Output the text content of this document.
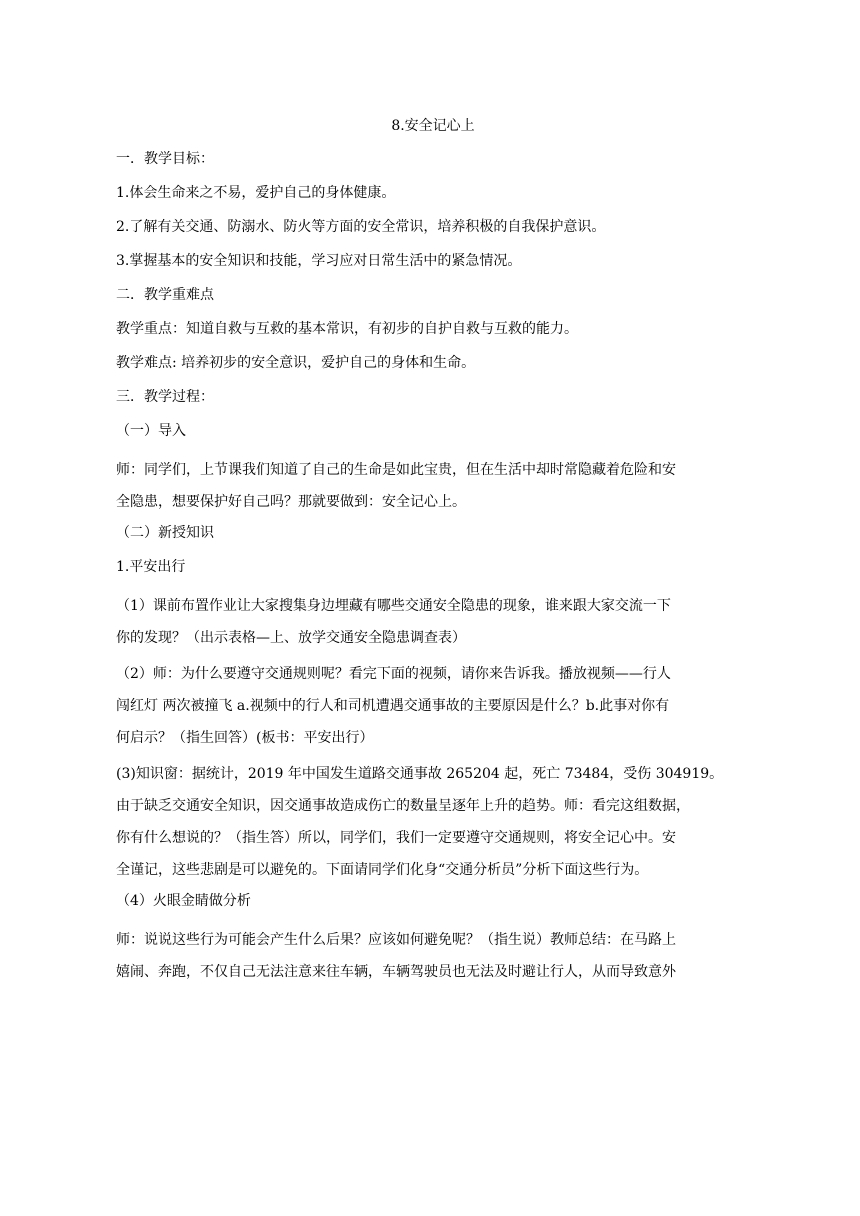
8.安全记心上
一．教学目标：
1.体会生命来之不易，爱护自己的身体健康。
2.了解有关交通、防溺水、防火等方面的安全常识，培养积极的自我保护意识。
3.掌握基本的安全知识和技能，学习应对日常生活中的紧急情况。
二．教学重难点
教学重点：知道自救与互救的基本常识，有初步的自护自救与互救的能力。
教学难点: 培养初步的安全意识，爱护自己的身体和生命。
三．教学过程：
（一）导入
师：同学们，上节课我们知道了自己的生命是如此宝贵，但在生活中却时常隐藏着危险和安
全隐患，想要保护好自己吗？那就要做到：安全记心上。
（二）新授知识
1.平安出行
（1）课前布置作业让大家搜集身边埋藏有哪些交通安全隐患的现象，谁来跟大家交流一下
你的发现？（出示表格—上、放学交通安全隐患调查表）
（2）师：为什么要遵守交通规则呢？看完下面的视频，请你来告诉我。播放视频——行人
闯红灯 两次被撞飞 a.视频中的行人和司机遭遇交通事故的主要原因是什么？b.此事对你有
何启示？（指生回答）(板书：平安出行）
(3)知识窗：据统计，2019 年中国发生道路交通事故 265204 起，死亡 73484，受伤 304919。
由于缺乏交通安全知识，因交通事故造成伤亡的数量呈逐年上升的趋势。师：看完这组数据，
你有什么想说的？（指生答）所以，同学们，我们一定要遵守交通规则，将安全记心中。安
全谨记，这些悲剧是可以避免的。下面请同学们化身“交通分析员”分析下面这些行为。
（4）火眼金睛做分析
师：说说这些行为可能会产生什么后果？应该如何避免呢？（指生说）教师总结：在马路上
嬉闹、奔跑，不仅自己无法注意来往车辆，车辆驾驶员也无法及时避让行人，从而导致意外
